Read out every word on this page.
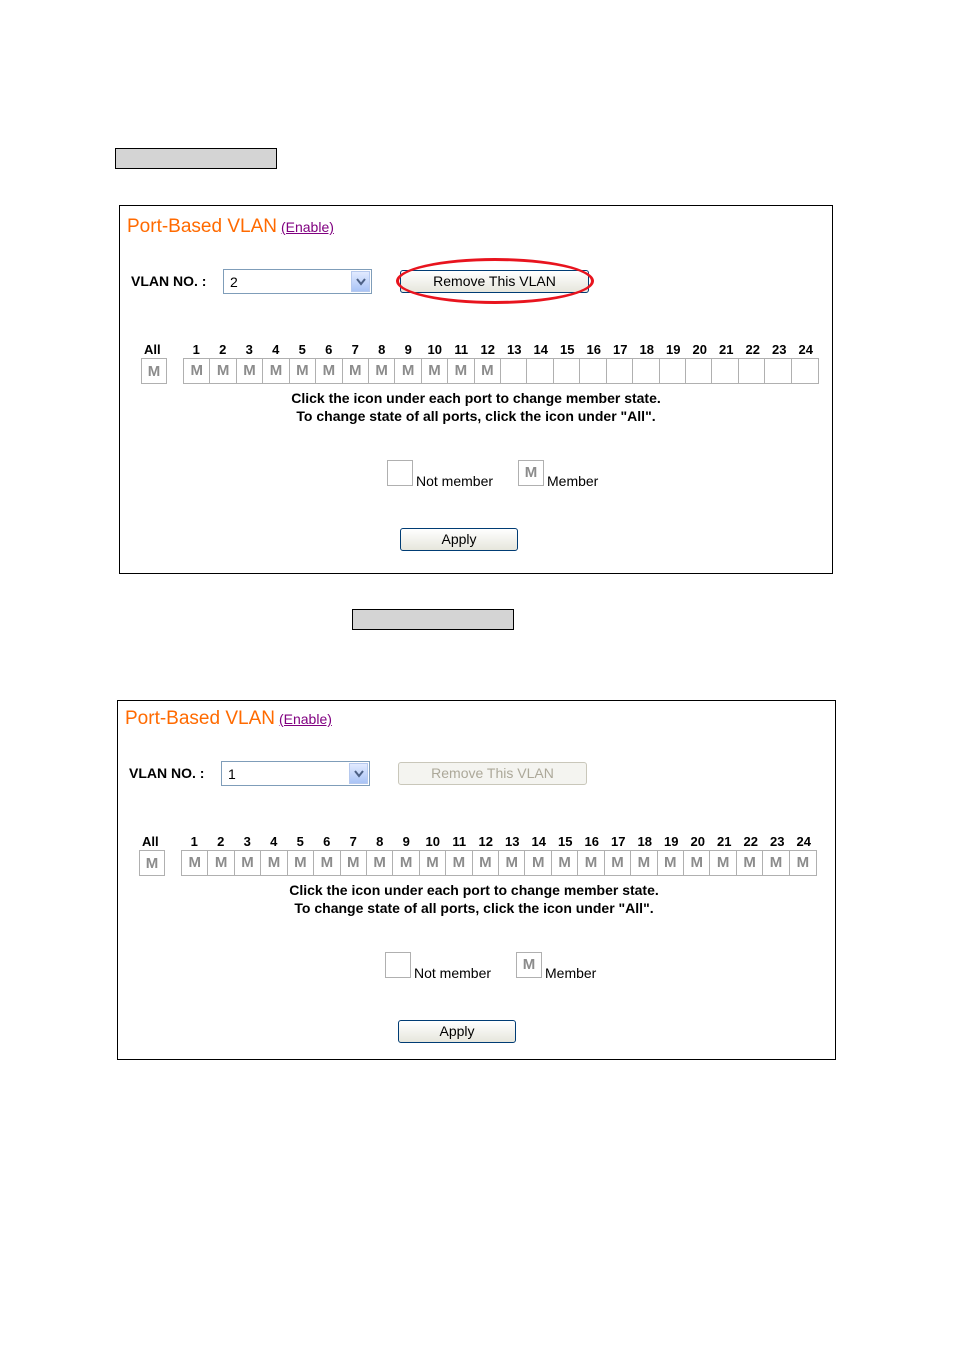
Port-Based VLAN (Enable)
VLAN NO. : 2	Remove This VLAN
All
M
1	2	3	4	5	6	7	8	9	10 11 12 13 14 15 16 17 18 19 20 21 22 23 24
M M M M M M M M M M M M
Click the icon under each port to change member state.
To change state of all ports, click the icon under "All".
Not member	M Member
Apply
Port-Based VLAN (Enable)
VLAN NO. : 1	Remove This VLAN
All
M
1	2	3	4	5	6	7	8	9	10 11 12 13 14 15 16 17 18 19 20 21 22 23 24
M M M M M M M M M M M M M M M M M M M M M M M M
Click the icon under each port to change member state.
To change state of all ports, click the icon under "All".
Not member	M Member
Apply
